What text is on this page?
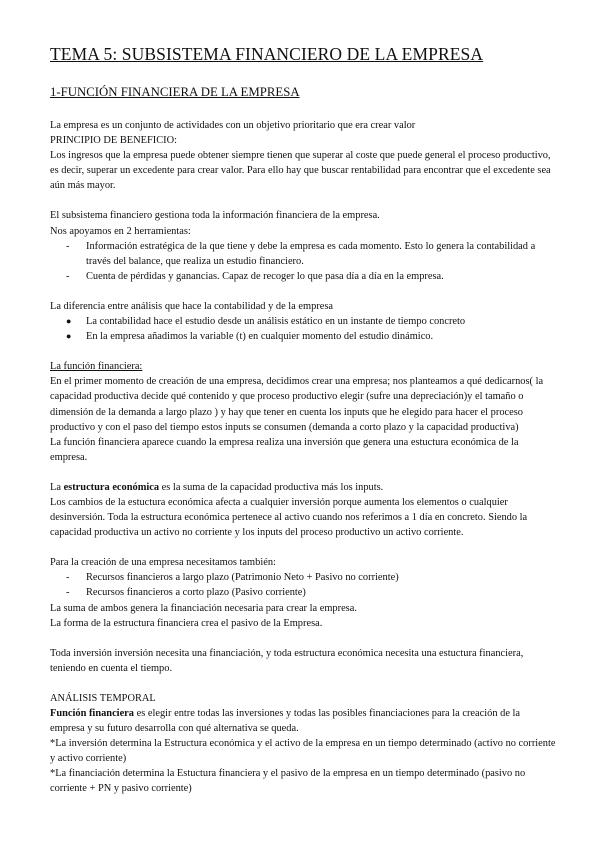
TEMA 5: SUBSISTEMA FINANCIERO DE LA EMPRESA
1-FUNCIÓN FINANCIERA DE LA EMPRESA

La empresa es un conjunto de actividades con un objetivo prioritario que era crear valor

PRINCIPIO DE BENEFICIO:

Los ingresos que la empresa puede obtener siempre tienen que superar al coste que puede general el proceso productivo, es decir, superar un excedente para crear valor. Para ello hay que buscar rentabilidad para encontrar que el excedente sea aún más mayor.

El subsistema financiero gestiona toda la información financiera de la empresa.

Nos apoyamos en 2 herramientas:

- Información estratégica de la que tiene y debe la empresa es cada momento. Esto lo genera la contabilidad a través del balance, que realiza un estudio financiero.
- Cuenta de pérdidas y ganancias. Capaz de recoger lo que pasa día a día en la empresa.

La diferencia entre análisis que hace la contabilidad y de la empresa

● La contabilidad hace el estudio desde un análisis estático en un instante de tiempo concreto
● En la empresa añadimos la variable (t) en cualquier momento del estudio dinámico.

La función financiera:

En el primer momento de creación de una empresa, decidimos crear una empresa; nos planteamos a qué dedicarnos( la capacidad productiva decide qué contenido y que proceso productivo elegir (sufre una depreciación)y el tamaño o dimensión de la demanda a largo plazo ) y hay que tener en cuenta los inputs que he elegido para hacer el proceso productivo y con el paso del tiempo estos inputs se consumen (demanda a corto plazo y la capacidad productiva)

La función financiera aparece cuando la empresa realiza una inversión que genera una estuctura económica de la empresa.

La estructura económica es la suma de la capacidad productiva más los inputs.

Los cambios de la estuctura económica afecta a cualquier inversión porque aumenta los elementos o cualquier desinversión. Toda la estructura económica pertenece al activo cuando nos referimos a 1 día en concreto. Siendo la capacidad productiva un activo no corriente y los inputs del proceso productivo un activo corriente.

Para la creación de una empresa necesitamos también:

- Recursos financieros a largo plazo (Patrimonio Neto + Pasivo no corriente)
- Recursos financieros a corto plazo (Pasivo corriente)

La suma de ambos genera la financiación necesaria para crear la empresa.

La forma de la estructura financiera crea el pasivo de la Empresa.

Toda inversión inversión necesita una financiación, y toda estructura económica necesita una estuctura financiera, teniendo en cuenta el tiempo.

ANÁLISIS TEMPORAL

Función financiera es elegir entre todas las inversiones y todas las posibles financiaciones para la creación de la empresa y su futuro desarrolla con qué alternativa se queda.

*La inversión determina la Estructura económica y el activo de la empresa en un tiempo determinado (activo no corriente y activo corriente)

*La financiación determina la Estuctura financiera y el pasivo de la empresa en un tiempo determinado (pasivo no corriente + PN y pasivo corriente)
